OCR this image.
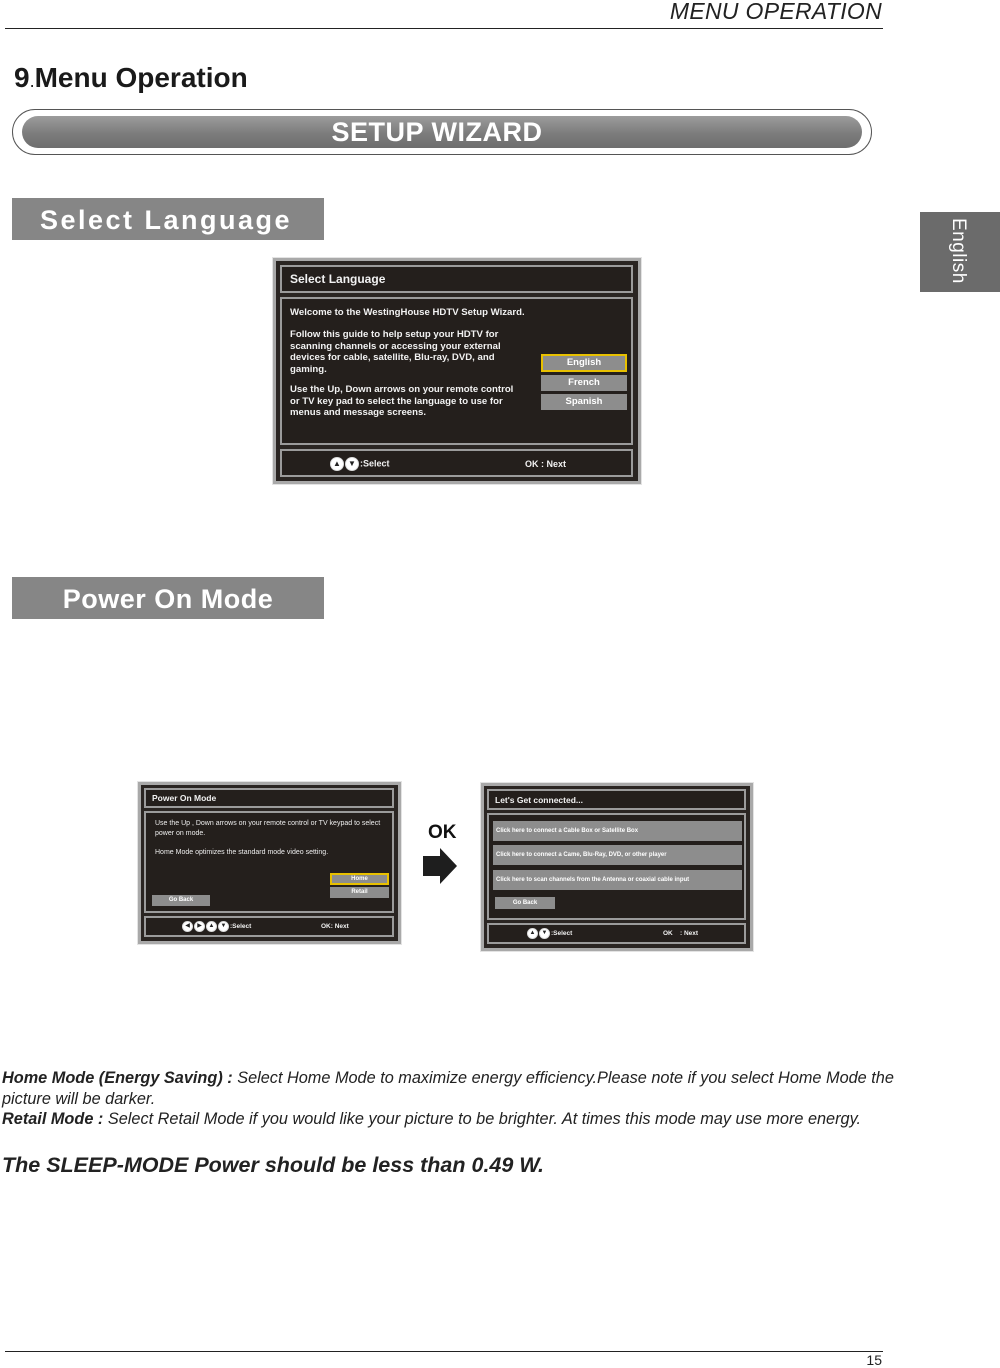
MENU OPERATION
9.Menu Operation
SETUP WIZARD
English
Select Language
Select Language
Welcome to the WestingHouse HDTV Setup Wizard.
Follow this guide to help setup your HDTV for scanning channels or accessing your external devices for cable, satellite, Blu-ray, DVD, and gaming.
Use the Up, Down arrows on your remote control or TV key pad to select the language to use for menus and message screens.
English
French
Spanish
▲ ▼ :Select	OK : Next
Power On Mode
Power On Mode
Use the Up , Down arrows on your remote control or TV keypad to select power on mode.
Home Mode optimizes the standard mode video setting.
Home
Retail
Go Back
◀ ▶ ▲ ▼ :Select	OK: Next
OK
Let's Get connected...
Click here to connect a Cable Box or Satellite Box
Click here to connect a Came, Blu-Ray, DVD, or other player
Click here to scan channels from the Antenna or coaxial cable input
Go Back
▲ ▼ :Select	OK    : Next
Home Mode (Energy Saving) : Select Home Mode to maximize energy efficiency.Please note if you select Home Mode the picture will be darker.
Retail Mode : Select Retail Mode if you would like your picture to be brighter. At times this mode may use more energy.
The SLEEP-MODE Power should be less than 0.49 W.
15
